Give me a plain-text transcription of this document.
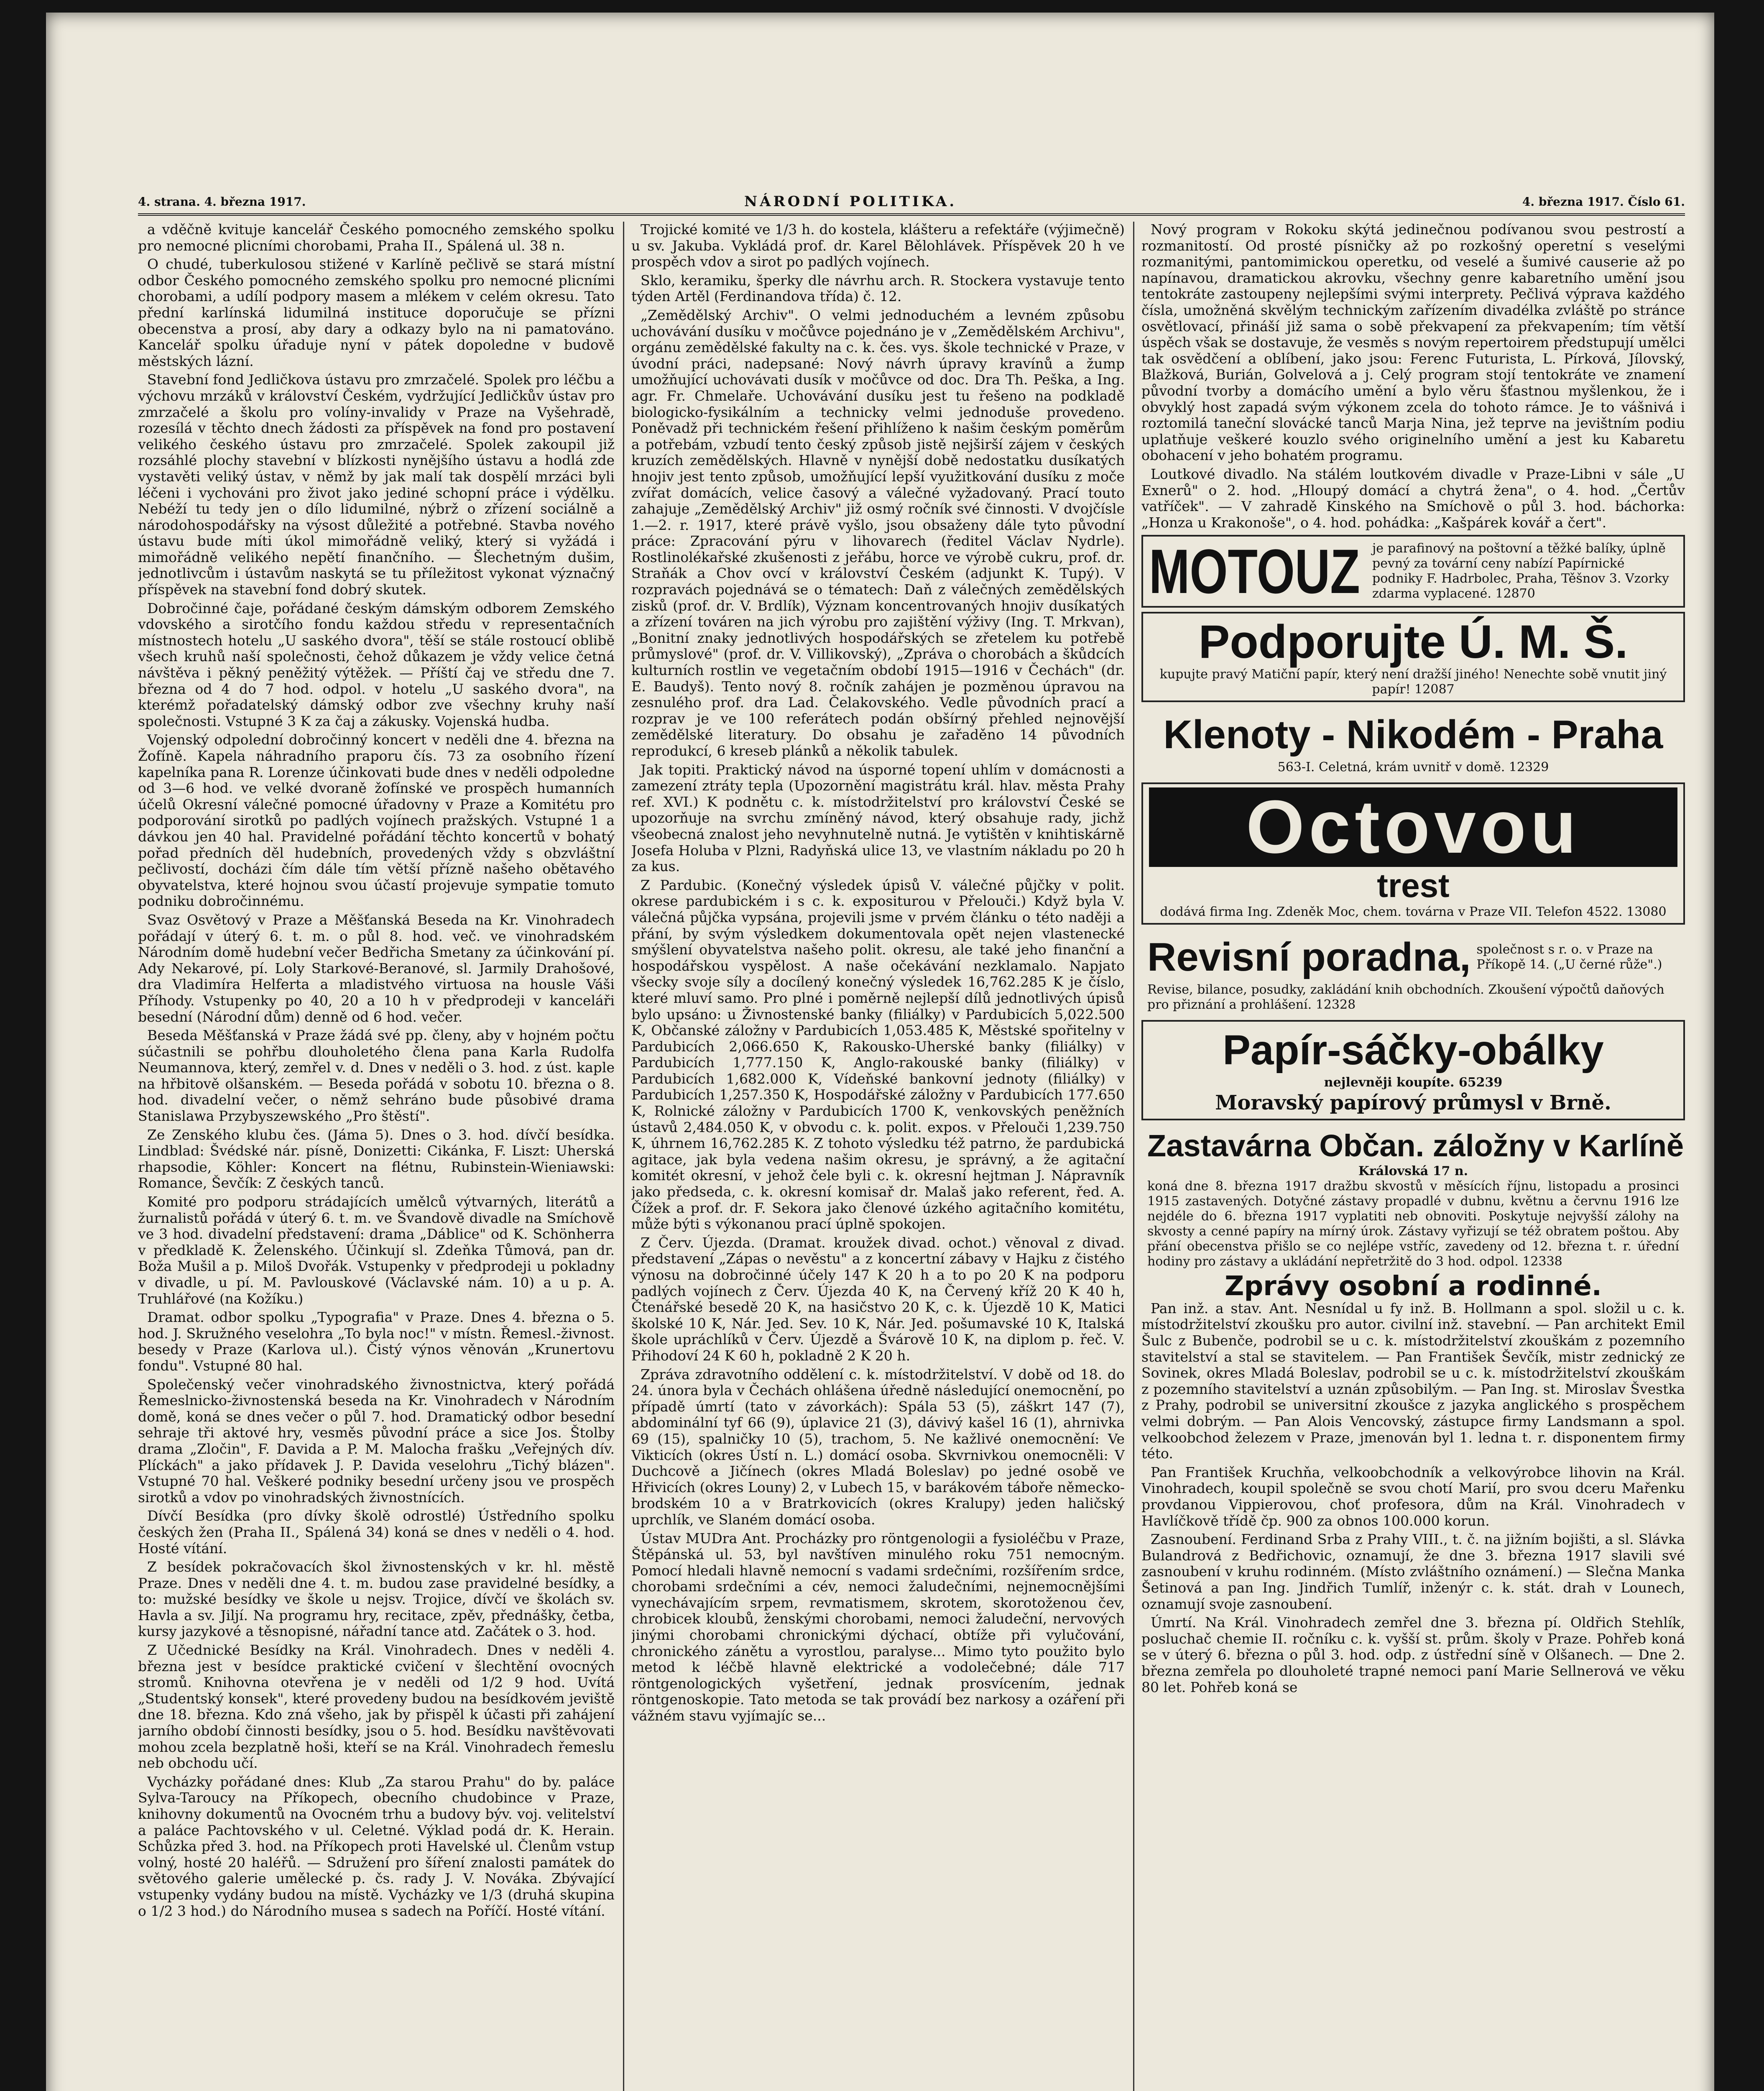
4. strana. 4. března 1917.	NÁRODNÍ POLITIKA.	4. března 1917. Číslo 61.

a vděčně kvituje kancelář Českého pomocného zemského spolku pro nemocné plicními chorobami, Praha II., Spálená ul. 38 n.

O chudé, tuberkulosou stižené v Karlíně pečlivě se stará místní odbor Českého pomocného zemského spolku pro nemocné plicními chorobami, a udílí podpory masem a mlékem v celém okresu. Tato přední karlínská lidumilná instituce doporučuje se přízni obecenstva a prosí, aby dary a odkazy bylo na ni pamatováno. Kancelář spolku úřaduje nyní v pátek dopoledne v budově městských lázní.

Stavební fond Jedličkova ústavu pro zmrzačelé. Spolek pro léčbu a výchovu mrzáků v království Českém, vydržující Jedličkův ústav pro zmrzačelé a školu pro volíny-invalidy v Praze na Vyšehradě, rozesílá v těchto dnech žádosti za příspěvek na fond pro postavení velikého českého ústavu pro zmrzačelé. Spolek zakoupil již rozsáhlé plochy stavební v blízkosti nynějšího ústavu a hodlá zde vystavěti veliký ústav, v němž by jak malí tak dospělí mrzáci byli léčeni i vychováni pro život jako jediné schopní práce i výdělku. Nebéží tu tedy jen o dílo lidumilné, nýbrž o zřízení sociálně a národohospodářsky na výsost důležité a potřebné. Stavba nového ústavu bude míti úkol mimořádně veliký, který si vyžádá i mimořádně velikého nepětí finančního. — Šlechetným dušim, jednotlivcům i ústavům naskytá se tu příležitost vykonat význačný příspěvek na stavební fond dobrý skutek.

Dobročinné čaje, pořádané českým dámským odborem Zemského vdovského a sirotčího fondu každou středu v representačních místnostech hotelu „U saského dvora", těší se stále rostoucí oblibě všech kruhů naší společnosti, čehož důkazem je vždy velice četná návštěva i pěkný peněžitý výtěžek. — Příští čaj ve středu dne 7. března od 4 do 7 hod. odpol. v hotelu „U saského dvora", na kterémž pořadatelský dámský odbor zve všechny kruhy naší společnosti. Vstupné 3 K za čaj a zákusky. Vojenská hudba.

Vojenský odpolední dobročinný koncert v neděli dne 4. března na Žofíně. Kapela náhradního praporu čís. 73 za osobního řízení kapelníka pana R. Lorenze účinkovati bude dnes v neděli odpoledne od 3—6 hod. ve velké dvoraně žofínské ve prospěch humanních účelů Okresní válečné pomocné úřadovny v Praze a Komitétu pro podporování sirotků po padlých vojínech pražských. Vstupné 1 a dávkou jen 40 hal. Pravidelné pořádání těchto koncertů v bohatý pořad předních děl hudebních, provedených vždy s obzvláštní pečlivostí, docházi čím dále tím větší přízně našeho obětavého obyvatelstva, které hojnou svou účastí projevuje sympatie tomuto podniku dobročinnému.

Svaz Osvětový v Praze a Měšťanská Beseda na Kr. Vinohradech pořádají v úterý 6. t. m. o půl 8. hod. več. ve vinohradském Národním domě hudební večer Bedřicha Smetany za účinkování pí. Ady Nekarové, pí. Loly Starkové-Beranové, sl. Jarmily Drahošové, dra Vladimíra Helferta a mladistvého virtuosa na housle Váši Příhody. Vstupenky po 40, 20 a 10 h v předprodeji v kanceláři besední (Národní dům) denně od 6 hod. večer.

Beseda Měšťanská v Praze žádá své pp. členy, aby v hojném počtu súčastnili se pohřbu dlouholetého člena pana Karla Rudolfa Neumannova, který, zemřel v. d. Dnes v neděli o 3. hod. z úst. kaple na hřbitově olšanském. — Beseda pořádá v sobotu 10. března o 8. hod. divadelní večer, o němž sehráno bude působivé drama Stanislawa Przybyszewského „Pro štěstí".

Ze Zenského klubu čes. (Jáma 5). Dnes o 3. hod. dívčí besídka. Lindblad: Švédské nár. písně, Donizetti: Cikánka, F. Liszt: Uherská rhapsodie, Köhler: Koncert na flétnu, Rubinstein-Wieniawski: Romance, Ševčík: Z českých tanců.

Komité pro podporu strádajících umělců výtvarných, literátů a žurnalistů pořádá v úterý 6. t. m. ve Švandově divadle na Smíchově ve 3 hod. divadelní představení: drama „Dáblice" od K. Schönherra v předkladě K. Želenského. Účinkují sl. Zdeňka Tůmová, pan dr. Boža Mušil a p. Miloš Dvořák. Vstupenky v předprodeji u pokladny v divadle, u pí. M. Pavlouskové (Václavské nám. 10) a u p. A. Truhlářové (na Kožíku.)

Dramat. odbor spolku „Typografia" v Praze. Dnes 4. března o 5. hod. J. Skružného veselohra „To byla noc!" v místn. Řemesl.-živnost. besedy v Praze (Karlova ul.). Čistý výnos věnován „Krunertovu fondu". Vstupné 80 hal.

Společenský večer vinohradského živnostnictva, který pořádá Řemeslnicko-živnostenská beseda na Kr. Vinohradech v Národním domě, koná se dnes večer o půl 7. hod. Dramatický odbor besední sehraje tři aktové hry, vesměs původní práce a sice Jos. Štolby drama „Zločin", F. Davida a P. M. Malocha frašku „Veřejných dív. Plíckách" a jako přídavek J. P. Davida veselohru „Tichý blázen". Vstupné 70 hal. Veškeré podniky besední určeny jsou ve prospěch sirotků a vdov po vinohradských živnostnících.

Dívčí Besídka (pro dívky školě odrostlé) Ústředního spolku českých žen (Praha II., Spálená 34) koná se dnes v neděli o 4. hod. Hosté vítání.

Z besídek pokračovacích škol živnostenských v kr. hl. městě Praze. Dnes v neděli dne 4. t. m. budou zase pravidelné besídky, a to: mužské besídky ve škole u nejsv. Trojice, dívčí ve školách sv. Havla a sv. Jiljí. Na programu hry, recitace, zpěv, přednášky, četba, kursy jazykové a těsnopisné, nářadní tance atd. Začátek o 3. hod.

Z Učednické Besídky na Král. Vinohradech. Dnes v neděli 4. března jest v besídce praktické cvičení v šlechtění ovocných stromů. Knihovna otevřena je v neděli od 1/2 9 hod. Uvítá „Studentský konsek", které provedeny budou na besídkovém jeviště dne 18. března. Kdo zná všeho, jak by přispěl k účasti při zahájení jarního období činnosti besídky, jsou o 5. hod. Besídku navštěvovati mohou zcela bezplatně hoši, kteří se na Král. Vinohradech řemeslu neb obchodu učí.

Vycházky pořádané dnes: Klub „Za starou Prahu" do by. paláce Sylva-Taroucy na Příkopech, obecního chudobince v Praze, knihovny dokumentů na Ovocném trhu a budovy býv. voj. velitelství a paláce Pachtovského v ul. Celetné. Výklad podá dr. K. Herain. Schůzka před 3. hod. na Příkopech proti Havelské ul. Členům vstup volný, hosté 20 haléřů. — Sdružení pro šíření znalosti památek do světového galerie umělecké p. čs. rady J. V. Nováka. Zbývající vstupenky vydány budou na místě. Vycházky ve 1/3 (druhá skupina o 1/2 3 hod.) do Národního musea s sadech na Poříčí. Hosté vítání.

Trojické komité ve 1/3 h. do kostela, klášteru a refektáře (výjimečně) u sv. Jakuba. Vykládá prof. dr. Karel Bělohlávek. Příspěvek 20 h ve prospěch vdov a sirot po padlých vojínech.

Sklo, keramiku, šperky dle návrhu arch. R. Stockera vystavuje tento týden Artěl (Ferdinandova třída) č. 12.

„Zemědělský Archiv". O velmi jednoduchém a levném způsobu uchovávání dusíku v močůvce pojednáno je v „Zemědělském Archivu", orgánu zemědělské fakulty na c. k. čes. vys. škole technické v Praze, v úvodní práci, nadepsané: Nový návrh úpravy kravínů a žump umožňující uchovávati dusík v močůvce od doc. Dra Th. Peška, a Ing. agr. Fr. Chmelaře. Uchovávání dusíku jest tu řešeno na podkladě biologicko-fysikálním a technicky velmi jednoduše provedeno. Poněvadž při technickém řešení přihlíženo k našim českým poměrům a potřebám, vzbudí tento český způsob jistě nejširší zájem v českých kruzích zemědělských. Hlavně v nynější době nedostatku dusíkatých hnojiv jest tento způsob, umožňující lepší využitkování dusíku z moče zvířat domácích, velice časový a válečné vyžadovaný. Prací touto zahajuje „Zemědělský Archiv" již osmý ročník své činnosti. V dvojčísle 1.—2. r. 1917, které právě vyšlo, jsou obsaženy dále tyto původní práce: Zpracování pýru v lihovarech (ředitel Václav Nydrle). Rostlinolékařské zkušenosti z jeřábu, horce ve výrobě cukru, prof. dr. Straňák a Chov ovcí v království Českém (adjunkt K. Tupý). V rozpravách pojednává se o tématech: Daň z válečných zemědělských zisků (prof. dr. V. Brdlík), Význam koncentrovaných hnojiv dusíkatých a zřízení továren na jich výrobu pro zajištění výživy (Ing. T. Mrkvan), „Bonitní znaky jednotlivých hospodářských se zřetelem ku potřebě průmyslové" (prof. dr. V. Villikovský), „Zpráva o chorobách a škůdcích kulturních rostlin ve vegetačním období 1915—1916 v Čechách" (dr. E. Baudyš). Tento nový 8. ročník zahájen je pozměnou úpravou na zesnulého prof. dra Lad. Čelakovského. Vedle původních prací a rozprav je ve 100 referátech podán obšírný přehled nejnovější zemědělské literatury. Do obsahu je zařaděno 14 původních reprodukcí, 6 kreseb plánků a několik tabulek.

Jak topiti. Praktický návod na úsporné topení uhlím v domácnosti a zamezení ztráty tepla (Upozornění magistrátu král. hlav. města Prahy ref. XVI.) K podnětu c. k. místodržitelství pro království České se upozorňuje na svrchu zmíněný návod, který obsahuje rady, jichž všeobecná znalost jeho nevyhnutelně nutná. Je vytištěn v knihtiskárně Josefa Holuba v Plzni, Radyňská ulice 13, ve vlastním nákladu po 20 h za kus.

Z Pardubic. (Konečný výsledek úpisů V. válečné půjčky v polit. okrese pardubickém i s c. k. expositurou v Přelouči.) Když byla V. válečná půjčka vypsána, projevili jsme v prvém článku o této naději a přání, by svým výsledkem dokumentovala opět nejen vlastenecké smýšlení obyvatelstva našeho polit. okresu, ale také jeho finanční a hospodářskou vyspělost. A naše očekávání nezklamalo. Napjato všecky svoje síly a docílený konečný výsledek 16,762.285 K je číslo, které mluví samo. Pro plné i poměrně nejlepší dílů jednotlivých úpisů bylo upsáno: u Živnostenské banky (filiálky) v Pardubicích 5,022.500 K, Občanské záložny v Pardubicích 1,053.485 K, Městské spořitelny v Pardubicích 2,066.650 K, Rakousko-Uherské banky (filiálky) v Pardubicích 1,777.150 K, Anglo-rakouské banky (filiálky) v Pardubicích 1,682.000 K, Vídeňské bankovní jednoty (filiálky) v Pardubicích 1,257.350 K, Hospodářské záložny v Pardubicích 177.650 K, Rolnické záložny v Pardubicích 1700 K, venkovských peněžních ústavů 2,484.050 K, v obvodu c. k. polit. expos. v Přelouči 1,239.750 K, úhrnem 16,762.285 K. Z tohoto výsledku též patrno, že pardubická agitace, jak byla vedena našim okresu, je správný, a že agitační komitét okresní, v jehož čele byli c. k. okresní hejtman J. Nápravník jako předseda, c. k. okresní komisař dr. Malaš jako referent, řed. A. Čížek a prof. dr. F. Sekora jako členové úzkého agitačního komitétu, může býti s výkonanou prací úplně spokojen.

Z Červ. Újezda. (Dramat. kroužek divad. ochot.) věnoval z divad. představení „Zápas o nevěstu" a z koncertní zábavy v Hajku z čistého výnosu na dobročinné účely 147 K 20 h a to po 20 K na podporu padlých vojínech z Červ. Újezda 40 K, na Červený kříž 20 K 40 h, Čtenářské besedě 20 K, na hasičstvo 20 K, c. k. Újezdě 10 K, Matici školské 10 K, Nár. Jed. Sev. 10 K, Nár. Jed. pošumavské 10 K, Italská škole upráchlíků v Červ. Újezdě a Švárově 10 K, na diplom p. řeč. V. Přihodoví 24 K 60 h, pokladně 2 K 20 h.

Zpráva zdravotního oddělení c. k. místodržitelství. V době od 18. do 24. února byla v Čechách ohlášena úředně následující onemocnění, po případě úmrtí (tato v závorkách): Spála 53 (5), záškrt 147 (7), abdominální tyf 66 (9), úplavice 21 (3), dávivý kašel 16 (1), ahrnivka 69 (15), spalničky 10 (5), trachom, 5. Ne kažlivé onemocnění: Ve Vikticích (okres Ústí n. L.) domácí osoba. Skvrnivkou onemocněli: V Duchcově a Jičínech (okres Mladá Boleslav) po jedné osobě ve Hřivicích (okres Louny) 2, v Lubech 15, v barákovém táboře německo-brodském 10 a v Bratrkovicích (okres Kralupy) jeden haličský uprchlík, ve Slaném domácí osoba.

Ústav MUDra Ant. Procházky pro röntgenologii a fysioléčbu v Praze, Štěpánská ul. 53, byl navštíven minulého roku 751 nemocným. Pomocí hledali hlavně nemocní s vadami srdečními, rozšířením srdce, chorobami srdečními a cév, nemoci žaludečními, nejnemocnějšími vynechávajícím srpem, revmatismem, skrotem, skorotoženou čev, chrobicek kloubů, ženskými chorobami, nemoci žaludeční, nervových jinými chorobami chronickými dýchací, obtíže při vylučování, chronického zánětu a vyrostlou, paralyse... Mimo tyto použito bylo metod k léčbě hlavně elektrické a vodolečebné; dále 717 röntgenologických vyšetření, jednak prosvícením, jednak röntgenoskopie. Tato metoda se tak provádí bez narkosy a ozáření při vážném stavu vyjímajíc se...

Nový program v Rokoku skýtá jedinečnou podívanou svou pestrostí a rozmanitostí. Od prosté písničky až po rozkošný operetní s veselými rozmanitými, pantomimickou operetku, od veselé a šumivé causerie až po napínavou, dramatickou akrovku, všechny genre kabaretního umění jsou tentokráte zastoupeny nejlepšími svými interprety. Pečlivá výprava každého čísla, umožněná skvělým technickým zařízením divadélka zvláště po stránce osvětlovací, přináší již sama o sobě překvapení za překvapením; tím větší úspěch však se dostavuje, že vesměs s novým repertoirem předstupují umělci tak osvědčení a oblíbení, jako jsou: Ferenc Futurista, L. Pírková, Jílovský, Blažková, Burián, Golvelová a j. Celý program stojí tentokráte ve znamení původní tvorby a domácího umění a bylo věru šťastnou myšlenkou, že i obvyklý host zapadá svým výkonem zcela do tohoto rámce. Je to vášnivá i roztomilá taneční slovácké tanců Marja Nina, jež teprve na jevištním podiu uplatňuje veškeré kouzlo svého originelního umění a jest ku Kabaretu obohacení v jeho bohatém programu.

Loutkové divadlo. Na stálém loutkovém divadle v Praze-Libni v sále „U Exnerů" o 2. hod. „Hloupý domácí a chytrá žena", o 4. hod. „Čertův vatříček". — V zahradě Kinského na Smíchově o půl 3. hod. báchorka: „Honza u Krakonoše", o 4. hod. pohádka: „Kašpárek kovář a čert".

MOTOUZ je parafinový na poštovní a těžké balíky, úplně pevný za tovární ceny nabízí Papírnické podniky F. Hadrbolec, Praha, Těšnov 3. Vzorky zdarma vyplacené. 12870
Podporujte Ú. M. Š.
kupujte pravý Matiční papír, který není dražší jiného! Nenechte sobě vnutit jiný papír! 12087
Klenoty - Nikodém - Praha
563-I. Celetná, krám uvnitř v domě. 12329
Octovou
trest
dodává firma Ing. Zdeněk Moc, chem. továrna v Praze VII. Telefon 4522. 13080
Revisní poradna, společnost s r. o. v Praze na Příkopě 14. („U černé růže".)
Revise, bilance, posudky, zakládání knih obchodních. Zkoušení výpočtů daňových pro přiznání a prohlášení. 12328
Papír-sáčky-obálky
nejlevněji koupíte. 65239
Moravský papírový průmysl v Brně.
Zastavárna Občan. záložny v Karlíně
Královská 17 n.
koná dne 8. března 1917 dražbu skvostů v měsících říjnu, listopadu a prosinci 1915 zastavených. Dotyčné zástavy propadlé v dubnu, květnu a červnu 1916 lze nejdéle do 6. března 1917 vyplatiti neb obnoviti. Poskytuje nejvyšší zálohy na skvosty a cenné papíry na mírný úrok. Zástavy vyřizují se též obratem poštou. Aby přání obecenstva přišlo se co nejlépe vstříc, zavedeny od 12. března t. r. úřední hodiny pro zástavy a ukládání nepřetržitě do 3 hod. odpol. 12338
Zprávy osobní a rodinné.

Pan inž. a stav. Ant. Nesnídal u fy inž. B. Hollmann a spol. složil u c. k. místodržitelství zkoušku pro autor. civilní inž. stavební. — Pan architekt Emil Šulc z Bubenče, podrobil se u c. k. místodržitelství zkouškám z pozemního stavitelství a stal se stavitelem. — Pan František Ševčík, mistr zednický ze Sovinek, okres Mladá Boleslav, podrobil se u c. k. místodržitelství zkouškám z pozemního stavitelství a uznán způsobilým. — Pan Ing. st. Miroslav Švestka z Prahy, podrobil se universitní zkoušce z jazyka anglického s prospěchem velmi dobrým. — Pan Alois Vencovský, zástupce firmy Landsmann a spol. velkoobchod železem v Praze, jmenován byl 1. ledna t. r. disponentem firmy této.

Pan František Kruchňa, velkoobchodník a velkovýrobce lihovin na Král. Vinohradech, koupil společně se svou chotí Marií, pro svou dceru Mařenku provdanou Vippierovou, choť profesora, dům na Král. Vinohradech v Havlíčkově třídě čp. 900 za obnos 100.000 korun.

Zasnoubení. Ferdinand Srba z Prahy VIII., t. č. na jižním bojišti, a sl. Slávka Bulandrová z Bedřichovic, oznamují, že dne 3. března 1917 slavili své zasnoubení v kruhu rodinném. (Místo zvláštního oznámení.) — Slečna Manka Šetinová a pan Ing. Jindřich Tumlíř, inženýr c. k. stát. drah v Lounech, oznamují svoje zasnoubení.

Úmrtí. Na Král. Vinohradech zemřel dne 3. března pí. Oldřich Stehlík, posluchač chemie II. ročníku c. k. vyšší st. prům. školy v Praze. Pohřeb koná se v úterý 6. března o půl 3. hod. odp. z ústřední síně v Olšanech. — Dne 2. března zemřela po dlouholeté trapné nemoci paní Marie Sellnerová ve věku 80 let. Pohřeb koná se
